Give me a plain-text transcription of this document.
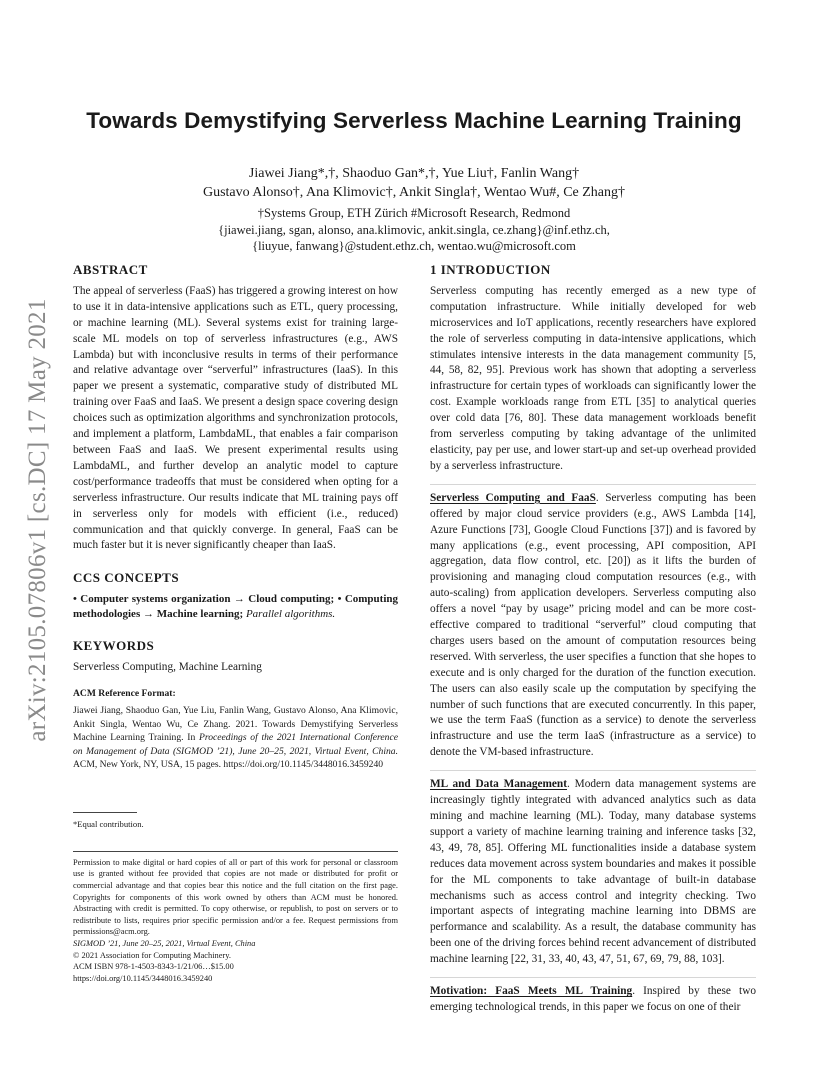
arXiv:2105.07806v1 [cs.DC] 17 May 2021
Towards Demystifying Serverless Machine Learning Training
Jiawei Jiang*,†, Shaoduo Gan*,†, Yue Liu†, Fanlin Wang†
Gustavo Alonso†, Ana Klimovic†, Ankit Singla†, Wentao Wu#, Ce Zhang†
†Systems Group, ETH Zürich #Microsoft Research, Redmond
{jiawei.jiang, sgan, alonso, ana.klimovic, ankit.singla, ce.zhang}@inf.ethz.ch,
{liuyue, fanwang}@student.ethz.ch, wentao.wu@microsoft.com
ABSTRACT

The appeal of serverless (FaaS) has triggered a growing interest on how to use it in data-intensive applications such as ETL, query processing, or machine learning (ML). Several systems exist for training large-scale ML models on top of serverless infrastructures (e.g., AWS Lambda) but with inconclusive results in terms of their performance and relative advantage over “serverful” infrastructures (IaaS). In this paper we present a systematic, comparative study of distributed ML training over FaaS and IaaS. We present a design space covering design choices such as optimization algorithms and synchronization protocols, and implement a platform, LambdaML, that enables a fair comparison between FaaS and IaaS. We present experimental results using LambdaML, and further develop an analytic model to capture cost/performance tradeoffs that must be considered when opting for a serverless infrastructure. Our results indicate that ML training pays off in serverless only for models with efficient (i.e., reduced) communication and that quickly converge. In general, FaaS can be much faster but it is never significantly cheaper than IaaS.

CCS CONCEPTS
• Computer systems organization → Cloud computing; • Computing methodologies → Machine learning; Parallel algorithms.
KEYWORDS
Serverless Computing, Machine Learning
ACM Reference Format:
Jiawei Jiang, Shaoduo Gan, Yue Liu, Fanlin Wang, Gustavo Alonso, Ana Klimovic, Ankit Singla, Wentao Wu, Ce Zhang. 2021. Towards Demystifying Serverless Machine Learning Training. In Proceedings of the 2021 International Conference on Management of Data (SIGMOD ’21), June 20–25, 2021, Virtual Event, China. ACM, New York, NY, USA, 15 pages. https://doi.org/10.1145/3448016.3459240
*Equal contribution.
Permission to make digital or hard copies of all or part of this work for personal or classroom use is granted without fee provided that copies are not made or distributed for profit or commercial advantage and that copies bear this notice and the full citation on the first page. Copyrights for components of this work owned by others than ACM must be honored. Abstracting with credit is permitted. To copy otherwise, or republish, to post on servers or to redistribute to lists, requires prior specific permission and/or a fee. Request permissions from permissions@acm.org.
SIGMOD ’21, June 20–25, 2021, Virtual Event, China
© 2021 Association for Computing Machinery.
ACM ISBN 978-1-4503-8343-1/21/06…$15.00
https://doi.org/10.1145/3448016.3459240
1 INTRODUCTION

Serverless computing has recently emerged as a new type of computation infrastructure. While initially developed for web microservices and IoT applications, recently researchers have explored the role of serverless computing in data-intensive applications, which stimulates intensive interests in the data management community [5, 44, 58, 82, 95]. Previous work has shown that adopting a serverless infrastructure for certain types of workloads can significantly lower the cost. Example workloads range from ETL [35] to analytical queries over cold data [76, 80]. These data management workloads benefit from serverless computing by taking advantage of the unlimited elasticity, pay per use, and lower start-up and set-up overhead provided by a serverless infrastructure.

Serverless Computing and FaaS. Serverless computing has been offered by major cloud service providers (e.g., AWS Lambda [14], Azure Functions [73], Google Cloud Functions [37]) and is favored by many applications (e.g., event processing, API composition, API aggregation, data flow control, etc. [20]) as it lifts the burden of provisioning and managing cloud computation resources (e.g., with auto-scaling) from application developers. Serverless computing also offers a novel “pay by usage” pricing model and can be more cost-effective compared to traditional “serverful” cloud computing that charges users based on the amount of computation resources being reserved. With serverless, the user specifies a function that she hopes to execute and is only charged for the duration of the function execution. The users can also easily scale up the computation by specifying the number of such functions that are executed concurrently. In this paper, we use the term FaaS (function as a service) to denote the serverless infrastructure and use the term IaaS (infrastructure as a service) to denote the VM-based infrastructure.

ML and Data Management. Modern data management systems are increasingly tightly integrated with advanced analytics such as data mining and machine learning (ML). Today, many database systems support a variety of machine learning training and inference tasks [32, 43, 49, 78, 85]. Offering ML functionalities inside a database system reduces data movement across system boundaries and makes it possible for the ML components to take advantage of built-in database mechanisms such as access control and integrity checking. Two important aspects of integrating machine learning into DBMS are performance and scalability. As a result, the database community has been one of the driving forces behind recent advancement of distributed machine learning [22, 31, 33, 40, 43, 47, 51, 67, 69, 79, 88, 103].

Motivation: FaaS Meets ML Training. Inspired by these two emerging technological trends, in this paper we focus on one of their
